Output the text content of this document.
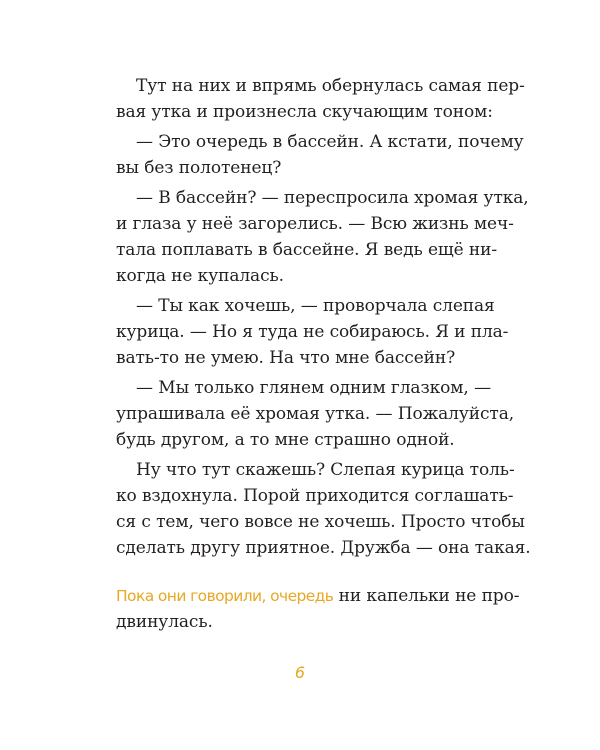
Тут на них и впрямь обернулась самая пер-
вая утка и произнесла скучающим тоном:
— Это очередь в бассейн. А кстати, почему
вы без полотенец?
— В бассейн? — переспросила хромая утка,
и глаза у неё загорелись. — Всю жизнь меч-
тала поплавать в бассейне. Я ведь ещё ни-
когда не купалась.
— Ты как хочешь, — проворчала слепая
курица. — Но я туда не собираюсь. Я и пла-
вать-то не умею. На что мне бассейн?
— Мы только глянем одним глазком, —
упрашивала её хромая утка. — Пожалуйста,
будь другом, а то мне страшно одной.
Ну что тут скажешь? Слепая курица толь-
ко вздохнула. Порой приходится соглашать-
ся с тем, чего вовсе не хочешь. Просто чтобы
сделать другу приятное. Дружба — она такая.
Пока они говорили, очередь ни капельки не про-
двинулась.
6
